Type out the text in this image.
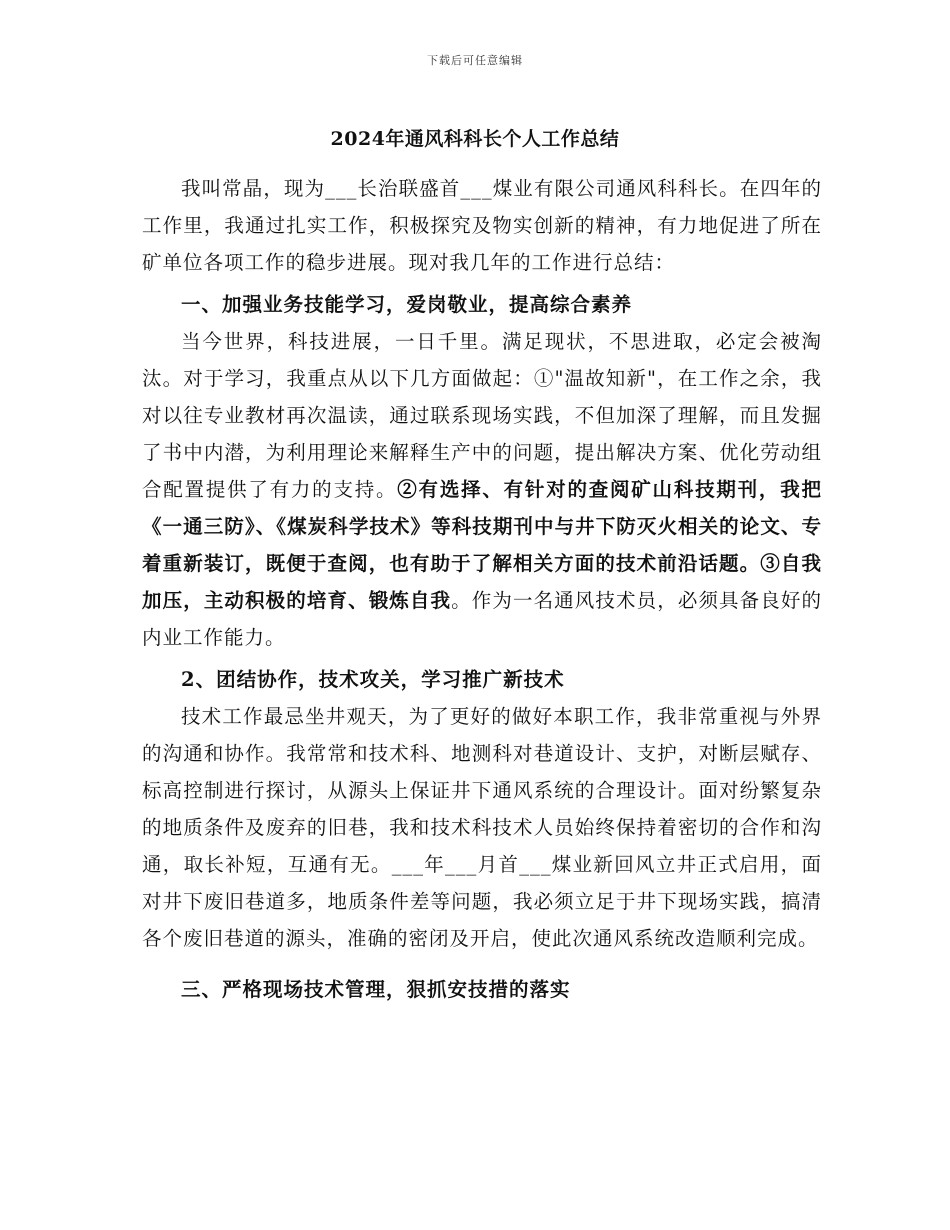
下载后可任意编辑
2024年通风科科长个人工作总结

我叫常晶，现为___长治联盛首___煤业有限公司通风科科长。在四年的工作里，我通过扎实工作，积极探究及物实创新的精神，有力地促进了所在矿单位各项工作的稳步进展。现对我几年的工作进行总结：

一、加强业务技能学习，爱岗敬业，提高综合素养

当今世界，科技进展，一日千里。满足现状，不思进取，必定会被淘汰。对于学习，我重点从以下几方面做起：①"温故知新"，在工作之余，我对以往专业教材再次温读，通过联系现场实践，不但加深了理解，而且发掘了书中内潜，为利用理论来解释生产中的问题，提出解决方案、优化劳动组合配置提供了有力的支持。②有选择、有针对的查阅矿山科技期刊，我把《一通三防》、《煤炭科学技术》等科技期刊中与井下防灭火相关的论文、专着重新装订，既便于查阅，也有助于了解相关方面的技术前沿话题。③自我加压，主动积极的培育、锻炼自我。作为一名通风技术员，必须具备良好的内业工作能力。

2、团结协作，技术攻关，学习推广新技术

技术工作最忌坐井观天，为了更好的做好本职工作，我非常重视与外界的沟通和协作。我常常和技术科、地测科对巷道设计、支护，对断层赋存、标高控制进行探讨，从源头上保证井下通风系统的合理设计。面对纷繁复杂的地质条件及废弃的旧巷，我和技术科技术人员始终保持着密切的合作和沟通，取长补短，互通有无。___年___月首___煤业新回风立井正式启用，面对井下废旧巷道多，地质条件差等问题，我必须立足于井下现场实践，搞清各个废旧巷道的源头，准确的密闭及开启，使此次通风系统改造顺利完成。

三、严格现场技术管理，狠抓安技措的落实
